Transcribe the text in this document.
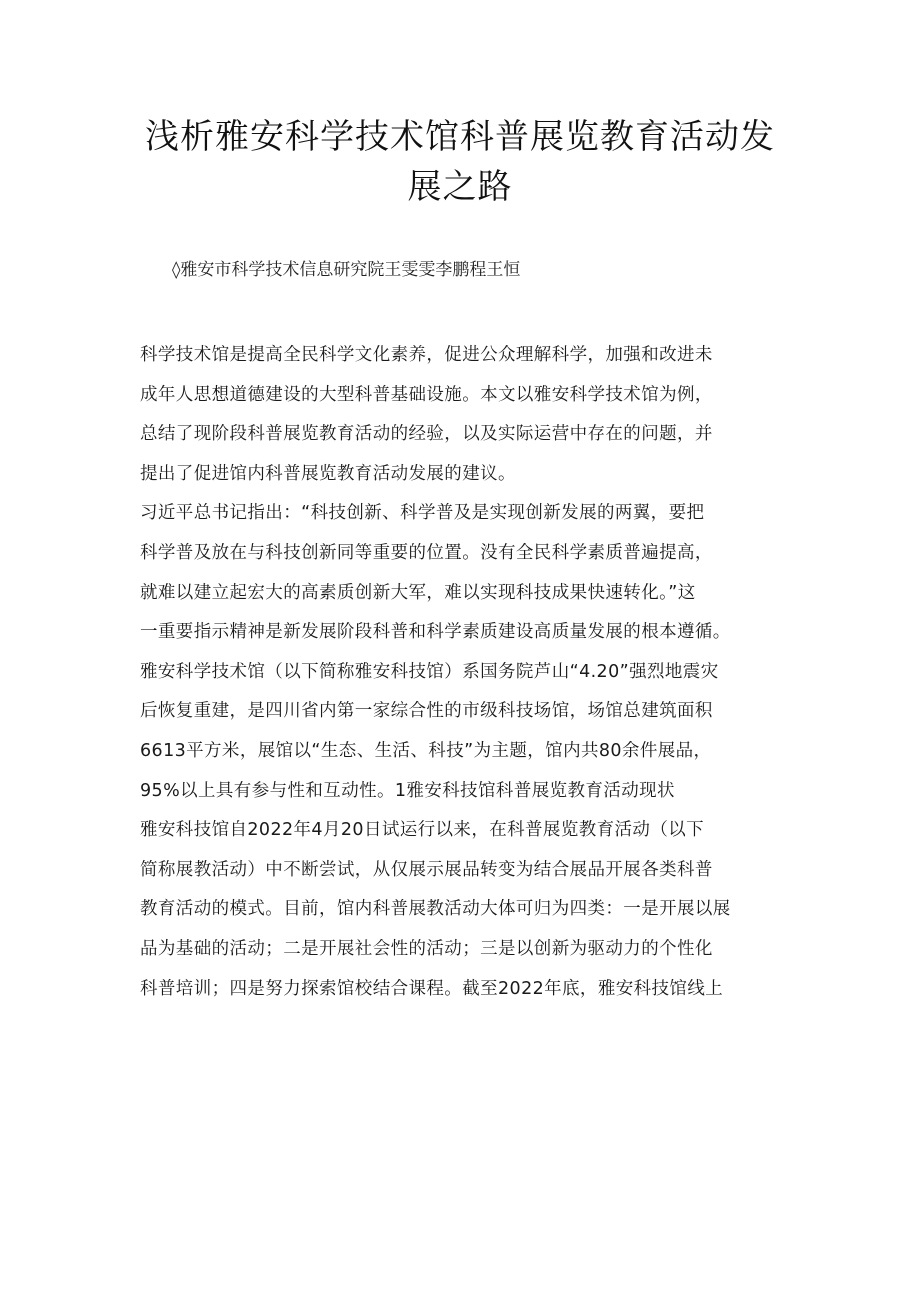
浅析雅安科学技术馆科普展览教育活动发
展之路
◊雅安市科学技术信息研究院王雯雯李鹏程王恒
科学技术馆是提高全民科学文化素养，促进公众理解科学，加强和改进未
成年人思想道德建设的大型科普基础设施。本文以雅安科学技术馆为例，
总结了现阶段科普展览教育活动的经验，以及实际运营中存在的问题，并
提出了促进馆内科普展览教育活动发展的建议。
习近平总书记指出：“科技创新、科学普及是实现创新发展的两翼，要把
科学普及放在与科技创新同等重要的位置。没有全民科学素质普遍提高，
就难以建立起宏大的高素质创新大军，难以实现科技成果快速转化。”这
一重要指示精神是新发展阶段科普和科学素质建设高质量发展的根本遵循。
雅安科学技术馆（以下简称雅安科技馆）系国务院芦山“4.20”强烈地震灾
后恢复重建，是四川省内第一家综合性的市级科技场馆，场馆总建筑面积
6613平方米，展馆以“生态、生活、科技”为主题，馆内共80余件展品，
95%以上具有参与性和互动性。1雅安科技馆科普展览教育活动现状
雅安科技馆自2022年4月20日试运行以来，在科普展览教育活动（以下
简称展教活动）中不断尝试，从仅展示展品转变为结合展品开展各类科普
教育活动的模式。目前，馆内科普展教活动大体可归为四类：一是开展以展
品为基础的活动；二是开展社会性的活动；三是以创新为驱动力的个性化
科普培训；四是努力探索馆校结合课程。截至2022年底，雅安科技馆线上
